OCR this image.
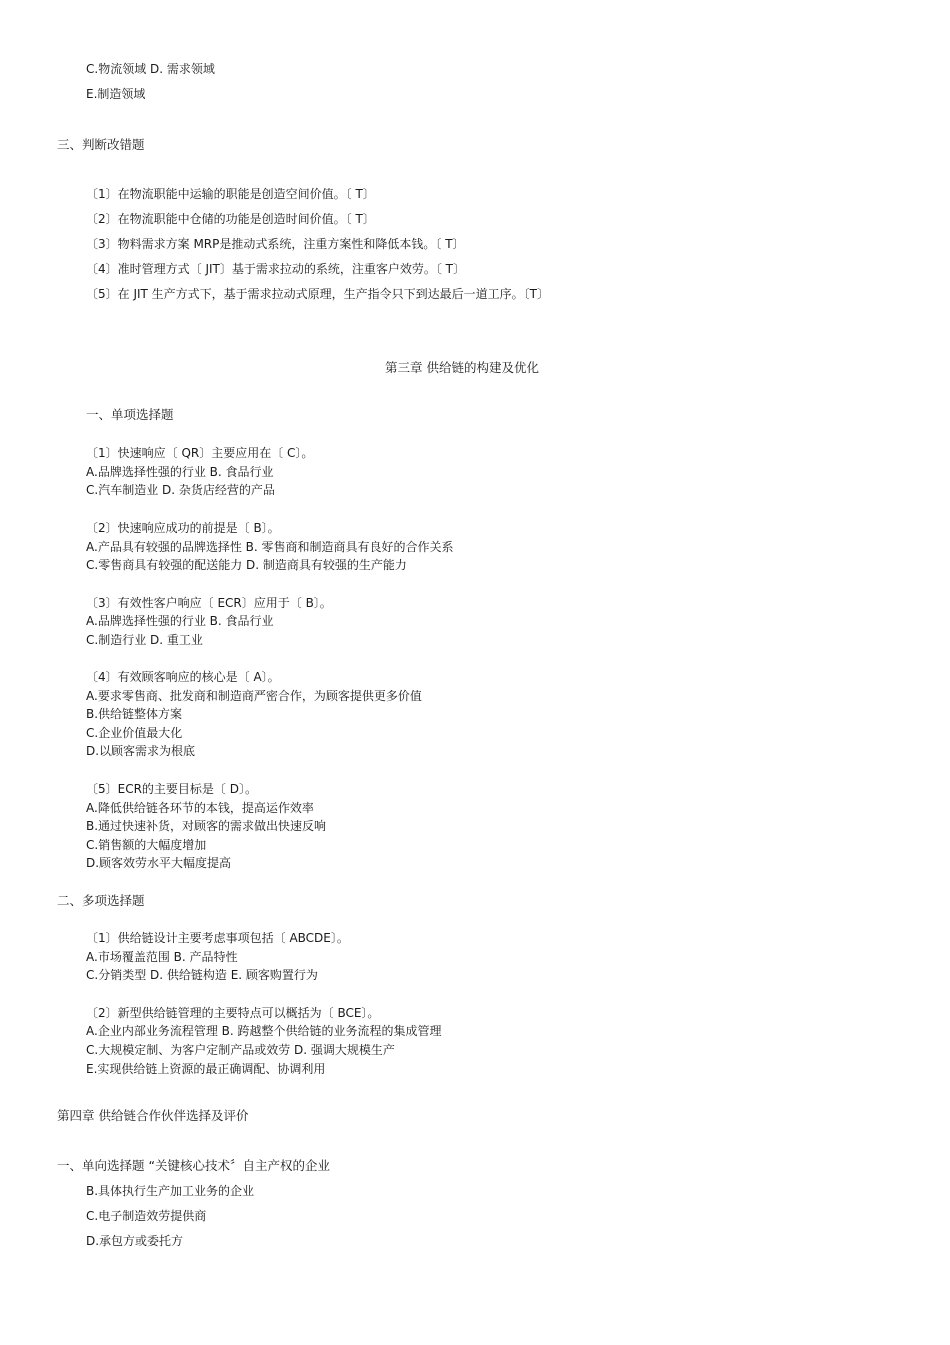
C.物流领域 D. 需求领域
E.制造领域
三、判断改错题
〔1〕在物流职能中运输的职能是创造空间价值。〔 T〕
〔2〕在物流职能中仓储的功能是创造时间价值。〔 T〕
〔3〕物料需求方案 MRP是推动式系统，注重方案性和降低本钱。〔 T〕
〔4〕准时管理方式〔 JIT〕基于需求拉动的系统，注重客户效劳。〔 T〕
〔5〕在 JIT 生产方式下，基于需求拉动式原理，生产指令只下到达最后一道工序。〔T〕
第三章 供给链的构建及优化
一、单项选择题
〔1〕快速响应〔 QR〕主要应用在〔 C〕。
A.品牌选择性强的行业 B. 食品行业
C.汽车制造业 D. 杂货店经营的产品
〔2〕快速响应成功的前提是〔 B〕。
A.产品具有较强的品牌选择性 B. 零售商和制造商具有良好的合作关系
C.零售商具有较强的配送能力 D. 制造商具有较强的生产能力
〔3〕有效性客户响应〔 ECR〕应用于〔 B〕。
A.品牌选择性强的行业 B. 食品行业
C.制造行业 D. 重工业
〔4〕有效顾客响应的核心是〔 A〕。
A.要求零售商、批发商和制造商严密合作，为顾客提供更多价值
B.供给链整体方案
C.企业价值最大化
D.以顾客需求为根底
〔5〕ECR的主要目标是〔 D〕。
A.降低供给链各环节的本钱，提高运作效率
B.通过快速补货，对顾客的需求做出快速反响
C.销售额的大幅度增加
D.顾客效劳水平大幅度提高
二、多项选择题
〔1〕供给链设计主要考虑事项包括〔 ABCDE〕。
A.市场覆盖范围 B. 产品特性
C.分销类型 D. 供给链构造 E. 顾客购置行为
〔2〕新型供给链管理的主要特点可以概括为〔 BCE〕。
A.企业内部业务流程管理 B. 跨越整个供给链的业务流程的集成管理
C.大规模定制、为客户定制产品或效劳 D. 强调大规模生产
E.实现供给链上资源的最正确调配、协调利用
第四章 供给链合作伙伴选择及评价
一、单向选择题 “关键核心技术〞自主产权的企业
B.具体执行生产加工业务的企业
C.电子制造效劳提供商
D.承包方或委托方
